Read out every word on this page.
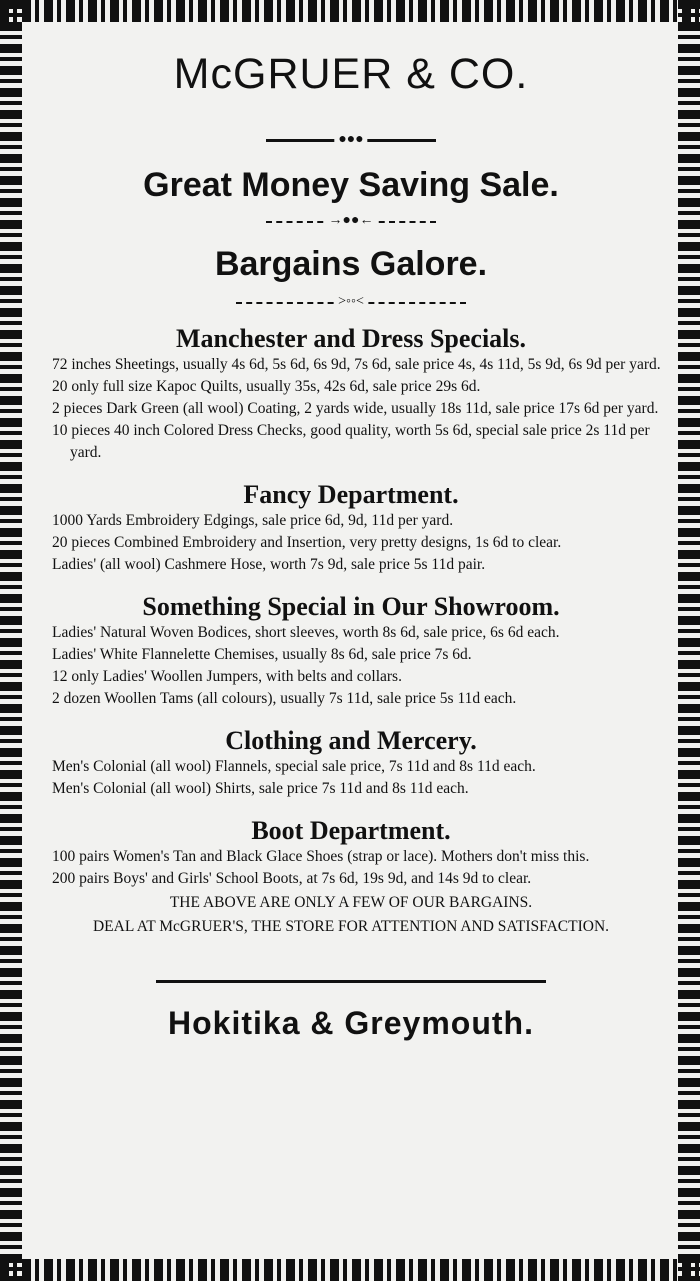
McGRUER & CO.
●●●
Great Money Saving Sale.
→●●←
Bargains Galore.
>◦◦<
Manchester and Dress Specials.
72 inches Sheetings, usually 4s 6d, 5s 6d, 6s 9d, 7s 6d, sale price 4s, 4s 11d, 5s 9d, 6s 9d per yard.
20 only full size Kapoc Quilts, usually 35s, 42s 6d, sale price 29s 6d.
2 pieces Dark Green (all wool) Coating, 2 yards wide, usually 18s 11d, sale price 17s 6d per yard.
10 pieces 40 inch Colored Dress Checks, good quality, worth 5s 6d, special sale price 2s 11d per yard.
Fancy Department.
1000 Yards Embroidery Edgings, sale price 6d, 9d, 11d per yard.
20 pieces Combined Embroidery and Insertion, very pretty designs, 1s 6d to clear.
Ladies' (all wool) Cashmere Hose, worth 7s 9d, sale price 5s 11d pair.
Something Special in Our Showroom.
Ladies' Natural Woven Bodices, short sleeves, worth 8s 6d, sale price, 6s 6d each.
Ladies' White Flannelette Chemises, usually 8s 6d, sale price 7s 6d.
12 only Ladies' Woollen Jumpers, with belts and collars.
2 dozen Woollen Tams (all colours), usually 7s 11d, sale price 5s 11d each.
Clothing and Mercery.
Men's Colonial (all wool) Flannels, special sale price, 7s 11d and 8s 11d each.
Men's Colonial (all wool) Shirts, sale price 7s 11d and 8s 11d each.
Boot Department.
100 pairs Women's Tan and Black Glace Shoes (strap or lace). Mothers don't miss this.
200 pairs Boys' and Girls' School Boots, at 7s 6d, 19s 9d, and 14s 9d to clear.
THE ABOVE ARE ONLY A FEW OF OUR BARGAINS.
DEAL AT McGRUER'S, THE STORE FOR ATTENTION AND SATISFACTION.
Hokitika & Greymouth.
